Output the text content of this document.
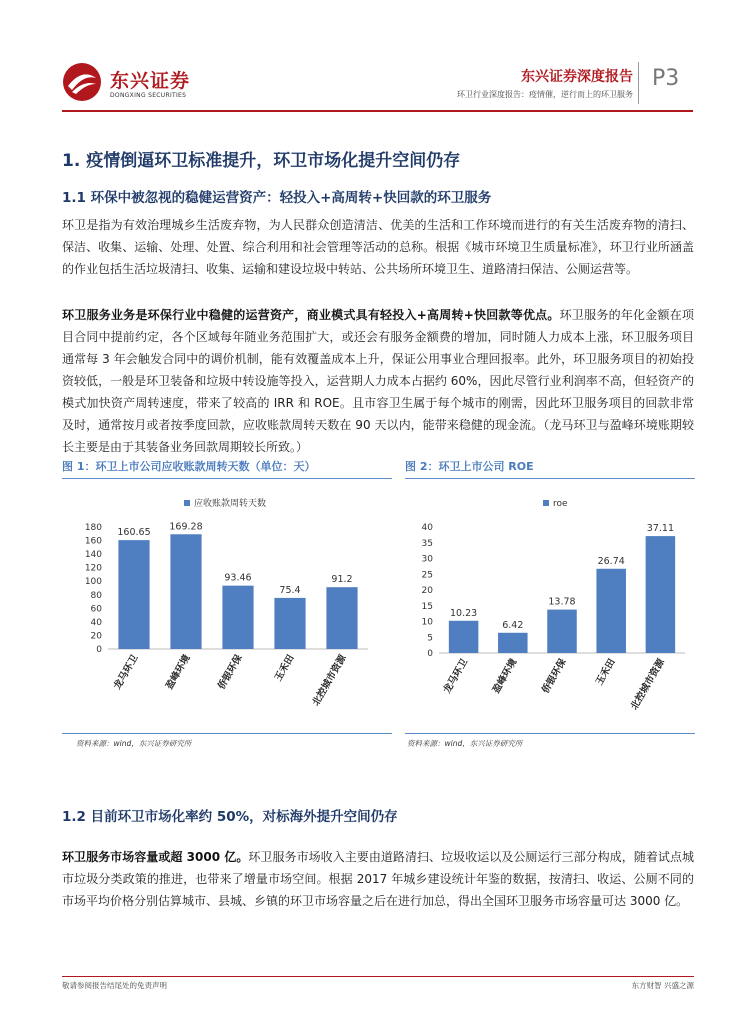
东兴证券
DONGXING SECURITIES
东兴证券深度报告
环卫行业深度报告：疫情催，逆行而上的环卫服务
P3
1. 疫情倒逼环卫标准提升，环卫市场化提升空间仍存
1.1 环保中被忽视的稳健运营资产：轻投入+高周转+快回款的环卫服务
环卫是指为有效治理城乡生活废弃物，为人民群众创造清洁、优美的生活和工作环境而进行的有关生活废弃物的清扫、保洁、收集、运输、处理、处置、综合利用和社会管理等活动的总称。根据《城市环境卫生质量标准》，环卫行业所涵盖的作业包括生活垃圾清扫、收集、运输和建设垃圾中转站、公共场所环境卫生、道路清扫保洁、公厕运营等。
环卫服务业务是环保行业中稳健的运营资产，商业模式具有轻投入+高周转+快回款等优点。环卫服务的年化金额在项目合同中提前约定，各个区域每年随业务范围扩大，或还会有服务金额费的增加，同时随人力成本上涨，环卫服务项目通常每 3 年会触发合同中的调价机制，能有效覆盖成本上升，保证公用事业合理回报率。此外，环卫服务项目的初始投资较低，一般是环卫装备和垃圾中转设施等投入，运营期人力成本占据约 60%，因此尽管行业利润率不高，但轻资产的模式加快资产周转速度，带来了较高的 IRR 和 ROE。且市容卫生属于每个城市的刚需，因此环卫服务项目的回款非常及时，通常按月或者按季度回款，应收账款周转天数在 90 天以内，能带来稳健的现金流。（龙马环卫与盈峰环境账期较长主要是由于其装备业务回款周期较长所致。）
图 1：环卫上市公司应收账款周转天数（单位：天）
应收账款周转天数
0
20
40
60
80
100
120
140
160
180 160.65
龙马环卫
169.28
盈峰环境
93.46
侨银环保
75.4
玉禾田
91.2
北控城市资源
资料来源：wind，东兴证券研究所
图 2：环卫上市公司 ROE
roe
0
5
10
15
20
25
30
35
40
10.23
龙马环卫
6.42
盈峰环境
13.78
侨银环保
26.74
玉禾田
37.11
北控城市资源
资料来源：wind，东兴证券研究所
1.2 目前环卫市场化率约 50%，对标海外提升空间仍存
环卫服务市场容量或超 3000 亿。环卫服务市场收入主要由道路清扫、垃圾收运以及公厕运行三部分构成，随着试点城市垃圾分类政策的推进，也带来了增量市场空间。根据 2017 年城乡建设统计年鉴的数据，按清扫、收运、公厕不同的市场平均价格分别估算城市、县城、乡镇的环卫市场容量之后在进行加总，得出全国环卫服务市场容量可达 3000 亿。
敬请参阅报告结尾处的免责声明	东方财智 兴盛之源
